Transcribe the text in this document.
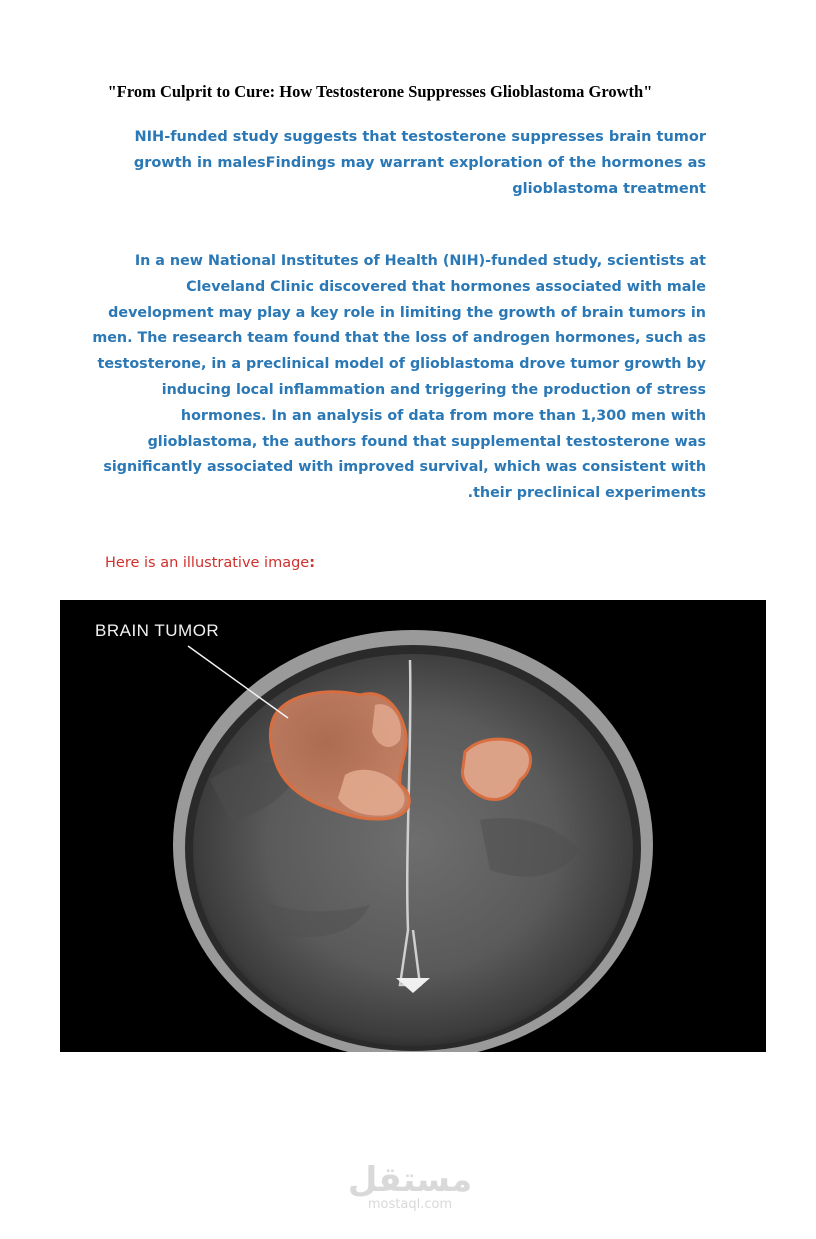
"From Culprit to Cure: How Testosterone Suppresses Glioblastoma Growth"
NIH-funded study suggests that testosterone suppresses brain tumor
growth in malesFindings may warrant exploration of the hormones as
glioblastoma treatment
In a new National Institutes of Health (NIH)-funded study, scientists at
Cleveland Clinic discovered that hormones associated with male
development may play a key role in limiting the growth of brain tumors in
men. The research team found that the loss of androgen hormones, such as
testosterone, in a preclinical model of glioblastoma drove tumor growth by
inducing local inflammation and triggering the production of stress
hormones. In an analysis of data from more than 1,300 men with
glioblastoma, the authors found that supplemental testosterone was
significantly associated with improved survival, which was consistent with
.their preclinical experiments
Here is an illustrative image:
BRAIN TUMOR
مستقل
mostaql.com
